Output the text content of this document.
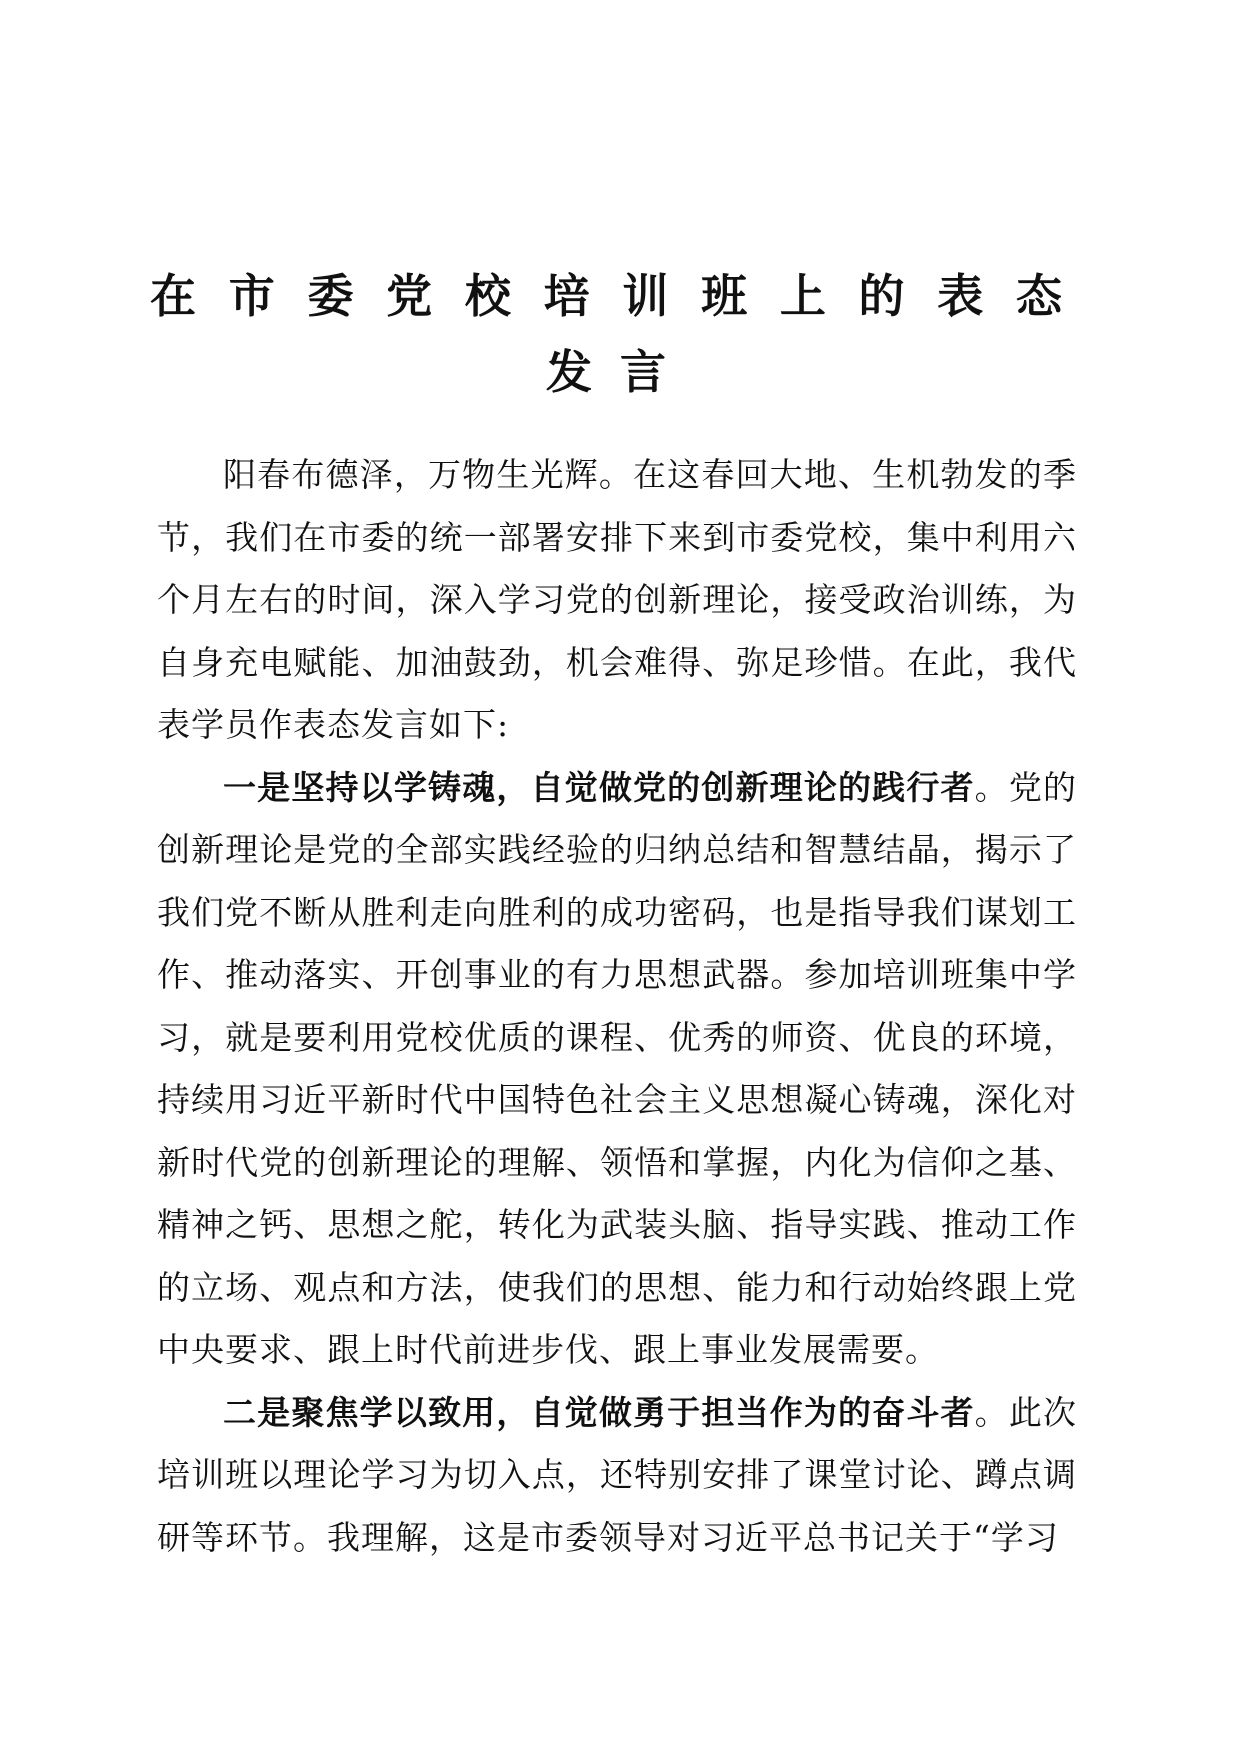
在市委党校培训班上的表态发言

阳春布德泽，万物生光辉。在这春回大地、生机勃发的季节，我们在市委的统一部署安排下来到市委党校，集中利用六个月左右的时间，深入学习党的创新理论，接受政治训练，为自身充电赋能、加油鼓劲，机会难得、弥足珍惜。在此，我代表学员作表态发言如下:

一是坚持以学铸魂，自觉做党的创新理论的践行者。党的创新理论是党的全部实践经验的归纳总结和智慧结晶，揭示了我们党不断从胜利走向胜利的成功密码，也是指导我们谋划工作、推动落实、开创事业的有力思想武器。参加培训班集中学习，就是要利用党校优质的课程、优秀的师资、优良的环境，持续用习近平新时代中国特色社会主义思想凝心铸魂，深化对新时代党的创新理论的理解、领悟和掌握，内化为信仰之基、精神之钙、思想之舵，转化为武装头脑、指导实践、推动工作的立场、观点和方法，使我们的思想、能力和行动始终跟上党中央要求、跟上时代前进步伐、跟上事业发展需要。

二是聚焦学以致用，自觉做勇于担当作为的奋斗者。此次培训班以理论学习为切入点，还特别安排了课堂讨论、蹲点调研等环节。我理解，这是市委领导对习近平总书记关于“学习
